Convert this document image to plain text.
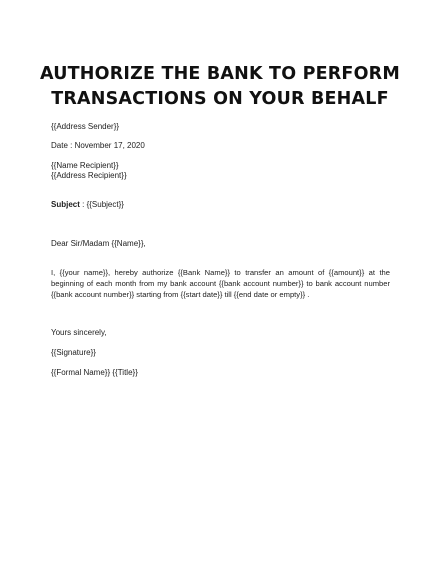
AUTHORIZE THE BANK TO PERFORM
TRANSACTIONS ON YOUR BEHALF
{{Address Sender}}
Date : November 17, 2020
{{Name Recipient}}
{{Address Recipient}}
Subject : {{Subject}}
Dear Sir/Madam {{Name}},
I, {{your name}}, hereby authorize {{Bank Name}} to transfer an amount of {{amount}} at the beginning of each month from my bank account {{bank account number}} to bank account number {{bank account number}} starting from {{start date}} till {{end date or empty}} .
Yours sincerely,
{{Signature}}
{{Formal Name}} {{Title}}
